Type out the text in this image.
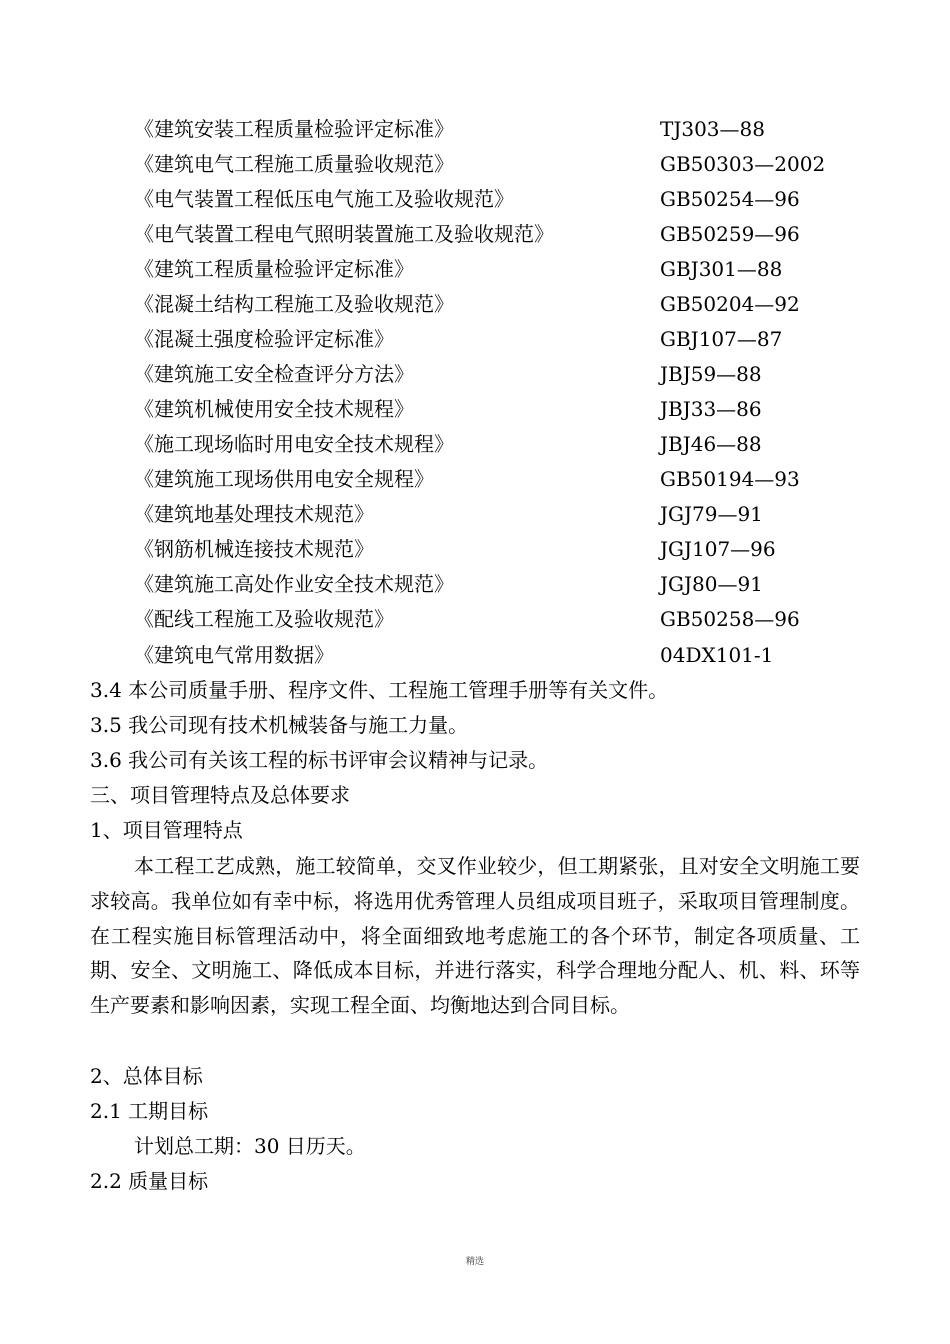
《建筑安装工程质量检验评定标准》	TJ303—88
《建筑电气工程施工质量验收规范》	GB50303—2002
《电气装置工程低压电气施工及验收规范》	GB50254—96
《电气装置工程电气照明装置施工及验收规范》	GB50259—96
《建筑工程质量检验评定标准》	GBJ301—88
《混凝土结构工程施工及验收规范》	GB50204—92
《混凝土强度检验评定标准》	GBJ107—87
《建筑施工安全检查评分方法》	JBJ59—88
《建筑机械使用安全技术规程》	JBJ33—86
《施工现场临时用电安全技术规程》	JBJ46—88
《建筑施工现场供用电安全规程》	GB50194—93
《建筑地基处理技术规范》	JGJ79—91
《钢筋机械连接技术规范》	JGJ107—96
《建筑施工高处作业安全技术规范》	JGJ80—91
《配线工程施工及验收规范》	GB50258—96
《建筑电气常用数据》	04DX101-1
3.4 本公司质量手册、程序文件、工程施工管理手册等有关文件。
3.5 我公司现有技术机械装备与施工力量。
3.6 我公司有关该工程的标书评审会议精神与记录。
三、项目管理特点及总体要求
1、项目管理特点
本工程工艺成熟，施工较简单，交叉作业较少，但工期紧张，且对安全文明施工要求较高。我单位如有幸中标，将选用优秀管理人员组成项目班子，采取项目管理制度。在工程实施目标管理活动中，将全面细致地考虑施工的各个环节，制定各项质量、工期、安全、文明施工、降低成本目标，并进行落实，科学合理地分配人、机、料、环等生产要素和影响因素，实现工程全面、均衡地达到合同目标。
2、总体目标
2.1 工期目标
计划总工期：30 日历天。
2.2 质量目标
精选
